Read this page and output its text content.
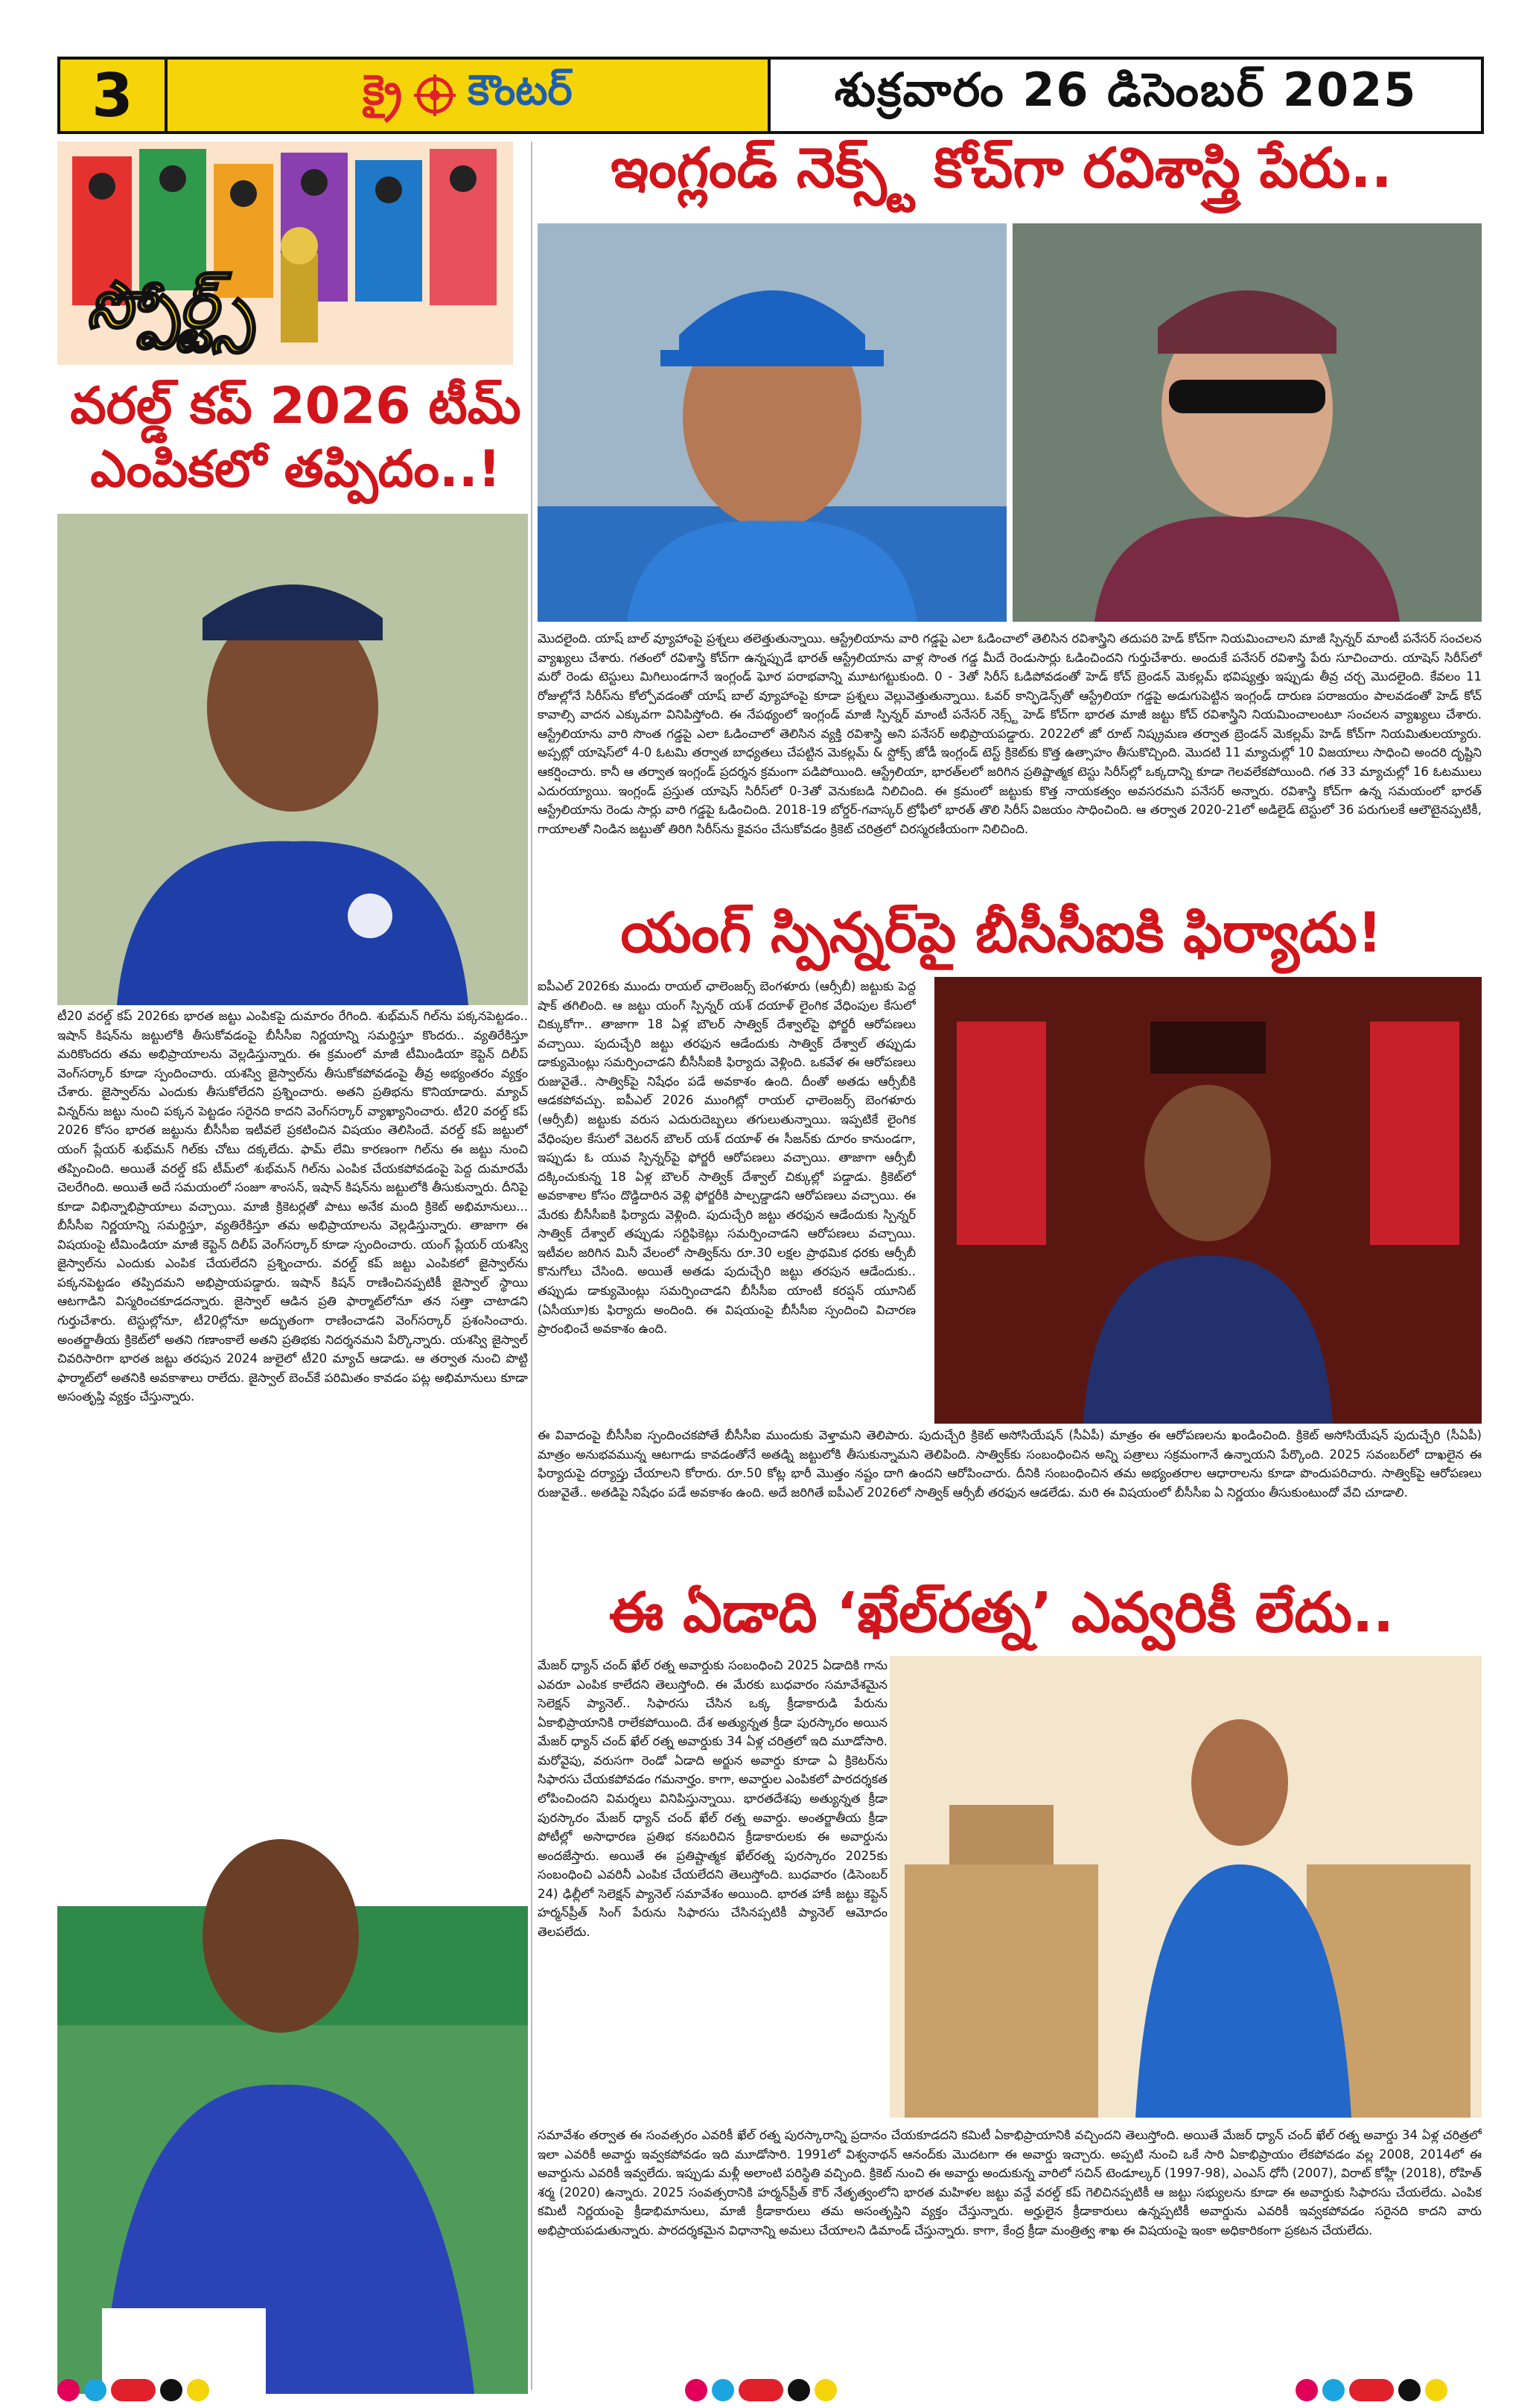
3	క్రై కౌంటర్	శుక్రవారం 26 డిసెంబర్ 2025
స్పోర్ట్స్
ఇంగ్లండ్ నెక్స్ట్ కోచ్‌గా రవిశాస్త్రి పేరు..
మొదలైంది. యాష్ బాల్ వ్యూహాంపై ప్రశ్నలు తలెత్తుతున్నాయి. ఆస్ట్రేలియాను వారి గడ్డపై ఎలా ఓడించాలో తెలిసిన రవిశాస్త్రిని తదుపరి హెడ్ కోచ్‌గా నియమించాలని మాజీ స్పిన్నర్ మాంటీ పనేసర్ సంచలన వ్యాఖ్యలు చేశారు. గతంలో రవిశాస్త్రి కోచ్‌గా ఉన్నప్పుడే భారత్ ఆస్ట్రేలియాను వాళ్ల సొంత గడ్డ మీదే రెండుసార్లు ఓడించిందని గుర్తుచేశారు. అందుకే పనేసర్ రవిశాస్త్రి పేరు సూచించారు. యాషెస్ సిరీస్‌లో మరో రెండు టెస్టులు మిగిలుండగానే ఇంగ్లండ్ ఘోర పరాభవాన్ని మూటగట్టుకుంది. 0 - 3తో సిరీస్ ఓడిపోవడంతో హెడ్ కోచ్ బ్రెండన్ మెకల్లమ్ భవిష్యత్తు ఇప్పుడు తీవ్ర చర్చ మొదలైంది. కేవలం 11 రోజుల్లోనే సిరీస్‌ను కోల్పోవడంతో యాష్ బాల్ వ్యూహాంపై కూడా ప్రశ్నలు వెల్లువెత్తుతున్నాయి. ఓవర్ కాన్ఫిడెన్స్‌తో ఆస్ట్రేలియా గడ్డపై అడుగుపెట్టిన ఇంగ్లండ్ దారుణ పరాజయం పాలవడంతో హెడ్ కోచ్ కావాల్సి వాదన ఎక్కువగా వినిపిస్తోంది. ఈ నేపథ్యంలో ఇంగ్లండ్ మాజీ స్పిన్నర్ మాంటీ పనేసర్ నెక్స్ట్ హెడ్ కోచ్‌గా భారత మాజీ జట్టు కోచ్ రవిశాస్త్రిని నియమించాలంటూ సంచలన వ్యాఖ్యలు చేశారు. ఆస్ట్రేలియాను వారి సొంత గడ్డపై ఎలా ఓడించాలో తెలిసిన వ్యక్తి రవిశాస్త్రి అని పనేసర్ అభిప్రాయపడ్డారు. 2022లో జో రూట్ నిష్క్రమణ తర్వాత బ్రెండన్ మెకల్లమ్ హెడ్ కోచ్‌గా నియమితులయ్యారు. అప్పట్లో యాషెస్‌లో 4-0 ఓటమి తర్వాత బాధ్యతలు చేపట్టిన మెకల్లమ్ & స్టోక్స్ జోడీ ఇంగ్లండ్ టెస్ట్ క్రికెట్‌కు కొత్త ఉత్సాహం తీసుకొచ్చింది. మొదటి 11 మ్యాచుల్లో 10 విజయాలు సాధించి అందరి దృష్టిని ఆకర్షించారు. కానీ ఆ తర్వాత ఇంగ్లండ్ ప్రదర్శన క్రమంగా పడిపోయింది. ఆస్ట్రేలియా, భారత్‌లలో జరిగిన ప్రతిష్టాత్మక టెస్టు సిరీస్‌ల్లో ఒక్కదాన్ని కూడా గెలవలేకపోయింది. గత 33 మ్యాచుల్లో 16 ఓటములు ఎదురయ్యాయి. ఇంగ్లండ్ ప్రస్తుత యాషెస్ సిరీస్‌లో 0-3తో వెనుకబడి నిలిచింది. ఈ క్రమంలో జట్టుకు కొత్త నాయకత్వం అవసరమని పనేసర్ అన్నారు. రవిశాస్త్రి కోచ్‌గా ఉన్న సమయంలో భారత్ ఆస్ట్రేలియాను రెండు సార్లు వారి గడ్డపై ఓడించింది. 2018-19 బోర్డర్-గవాస్కర్ ట్రోఫీలో భారత్ తొలి సిరీస్ విజయం సాధించింది. ఆ తర్వాత 2020-21లో అడిలైడ్ టెస్టులో 36 పరుగులకే ఆలౌటైనప్పటికీ, గాయాలతో నిండిన జట్టుతో తిరిగి సిరీస్‌ను కైవసం చేసుకోవడం క్రికెట్ చరిత్రలో చిరస్మరణీయంగా నిలిచింది.
వరల్డ్ కప్ 2026 టీమ్
ఎంపికలో తప్పిదం..!
టీ20 వరల్డ్ కప్ 2026కు భారత జట్టు ఎంపికపై దుమారం రేగింది. శుభ్‌మన్ గిల్‌ను పక్కనపెట్టడం.. ఇషాన్ కిషన్‌ను జట్టులోకి తీసుకోవడంపై బీసీసీఐ నిర్ణయాన్ని సమర్థిస్తూ కొందరు.. వ్యతిరేకిస్తూ మరికొందరు తమ అభిప్రాయాలను వెల్లడిస్తున్నారు. ఈ క్రమంలో మాజీ టీమిండియా కెప్టెన్ దిలీప్ వెంగ్‌సర్కార్ కూడా స్పందించారు. యశస్వి జైస్వాల్‌ను తీసుకోకపోవడంపై తీవ్ర అభ్యంతరం వ్యక్తం చేశారు. జైస్వాల్‌ను ఎందుకు తీసుకోలేదని ప్రశ్నించారు. అతని ప్రతిభను కొనియాడారు. మ్యాచ్ విన్నర్‌ను జట్టు నుంచి పక్కన పెట్టడం సరైనది కాదని వెంగ్‌సర్కార్ వ్యాఖ్యానించారు. టీ20 వరల్డ్ కప్ 2026 కోసం భారత జట్టును బీసీసీఐ ఇటీవలే ప్రకటించిన విషయం తెలిసిందే. వరల్డ్ కప్ జట్టులో యంగ్ ప్లేయర్ శుభ్‌మన్ గిల్‌కు చోటు దక్కలేదు. ఫామ్ లేమి కారణంగా గిల్‌ను ఈ జట్టు నుంచి తప్పించింది. అయితే వరల్డ్ కప్ టీమ్‌లో శుభ్‌మన్ గిల్‌ను ఎంపిక చేయకపోవడంపై పెద్ద దుమారమే చెలరేగింది. అయితే అదే సమయంలో సంజూ శాంసన్, ఇషాన్ కిషన్‌ను జట్టులోకి తీసుకున్నారు. దీనిపై కూడా విభిన్నాభిప్రాయాలు వచ్చాయి. మాజీ క్రికెటర్లతో పాటు అనేక మంది క్రికెట్ అభిమానులు... బీసీసీఐ నిర్ణయాన్ని సమర్థిస్తూ, వ్యతిరేకిస్తూ తమ అభిప్రాయాలను వెల్లడిస్తున్నారు. తాజాగా ఈ విషయంపై టీమిండియా మాజీ కెప్టెన్ దిలీప్ వెంగ్‌సర్కార్ కూడా స్పందించారు. యంగ్ ప్లేయర్ యశస్వి జైస్వాల్‌ను ఎందుకు ఎంపిక చేయలేదని ప్రశ్నించారు. వరల్డ్ కప్ జట్టు ఎంపికలో జైస్వాల్‌ను పక్కనపెట్టడం తప్పిదమని అభిప్రాయపడ్డారు. ఇషాన్ కిషన్ రాణించినప్పటికీ జైస్వాల్ స్థాయి ఆటగాడిని విస్మరించకూడదన్నారు. జైస్వాల్ ఆడిన ప్రతి ఫార్మాట్‌లోనూ తన సత్తా చాటాడని గుర్తుచేశారు. టెస్టుల్లోనూ, టీ20ల్లోనూ అద్భుతంగా రాణించాడని వెంగ్‌సర్కార్ ప్రశంసించారు. అంతర్జాతీయ క్రికెట్‌లో అతని గణాంకాలే అతని ప్రతిభకు నిదర్శనమని పేర్కొన్నారు. యశస్వి జైస్వాల్ చివరిసారిగా భారత జట్టు తరపున 2024 జులైలో టీ20 మ్యాచ్ ఆడాడు. ఆ తర్వాత నుంచి పొట్టి ఫార్మాట్‌లో అతనికి అవకాశాలు రాలేదు. జైస్వాల్ బెంచ్‌కే పరిమితం కావడం పట్ల అభిమానులు కూడా అసంతృప్తి వ్యక్తం చేస్తున్నారు.
యంగ్ స్పిన్నర్‌పై బీసీసీఐకి ఫిర్యాదు!
ఐపీఎల్ 2026కు ముందు రాయల్ ఛాలెంజర్స్ బెంగళూరు (ఆర్సీబీ) జట్టుకు పెద్ద షాక్ తగిలింది. ఆ జట్టు యంగ్ స్పిన్నర్ యశ్ దయాళ్ లైంగిక వేధింపుల కేసులో చిక్కుకోగా.. తాజాగా 18 ఏళ్ల బౌలర్ సాత్విక్ దేశ్వాల్‌పై ఫోర్జరీ ఆరోపణలు వచ్చాయి. పుదుచ్చేరి జట్టు తరఫున ఆడేందుకు సాత్విక్ దేశ్వాల్ తప్పుడు డాక్యుమెంట్లు సమర్పించాడని బీసీసీఐకి ఫిర్యాదు వెళ్లింది. ఒకవేళ ఈ ఆరోపణలు రుజువైతే.. సాత్విక్‌పై నిషేధం పడే అవకాశం ఉంది. దీంతో అతడు ఆర్సీబీకి ఆడకపోవచ్చు. ఐపీఎల్ 2026 ముంగిట్లో రాయల్ ఛాలెంజర్స్ బెంగళూరు (ఆర్సీబీ) జట్టుకు వరుస ఎదురుదెబ్బలు తగులుతున్నాయి. ఇప్పటికే లైంగిక వేధింపుల కేసులో వెటరన్ బౌలర్ యశ్ దయాళ్ ఈ సీజన్‌కు దూరం కానుండగా, ఇప్పుడు ఓ యువ స్పిన్నర్‌పై ఫోర్జరీ ఆరోపణలు వచ్చాయి. తాజాగా ఆర్సీబీ దక్కించుకున్న 18 ఏళ్ల బౌలర్ సాత్విక్ దేశ్వాల్ చిక్కుల్లో పడ్డాడు. క్రికెట్‌లో అవకాశాల కోసం దొడ్డిదారిన వెళ్లి ఫోర్జరీకి పాల్పడ్డాడని ఆరోపణలు వచ్చాయి. ఈ మేరకు బీసీసీఐకి ఫిర్యాదు వెళ్లింది. పుదుచ్చేరి జట్టు తరఫున ఆడేందుకు స్పిన్నర్ సాత్విక్ దేశ్వాల్ తప్పుడు సర్టిఫికెట్లు సమర్పించాడని ఆరోపణలు వచ్చాయి. ఇటీవల జరిగిన మినీ వేలంలో సాత్విక్‌ను రూ.30 లక్షల ప్రాథమిక ధరకు ఆర్సీబీ కొనుగోలు చేసింది. అయితే అతడు పుదుచ్చేరి జట్టు తరపున ఆడేందుకు.. తప్పుడు డాక్యుమెంట్లు సమర్పించాడని బీసీసీఐ యాంటీ కరప్షన్ యూనిట్ (ఏసీయూ)కు ఫిర్యాదు అందింది. ఈ విషయంపై బీసీసీఐ స్పందించి విచారణ ప్రారంభించే అవకాశం ఉంది.
ఈ వివాదంపై బీసీసీఐ స్పందించకపోతే బీసీసీఐ ముందుకు వెళ్తామని తెలిపారు. పుదుచ్చేరి క్రికెట్ అసోసియేషన్ (సీఏపీ) మాత్రం ఈ ఆరోపణలను ఖండించింది. క్రికెట్ అసోసియేషన్ పుదుచ్చేరి (సీఏపీ) మాత్రం అనుభవమున్న ఆటగాడు కావడంతోనే అతడ్ని జట్టులోకి తీసుకున్నామని తెలిపింది. సాత్విక్‌కు సంబంధించిన అన్ని పత్రాలు సక్రమంగానే ఉన్నాయని పేర్కొంది. 2025 సవంబర్‌లో దాఖలైన ఈ ఫిర్యాదుపై దర్యాప్తు చేయాలని కోరారు. రూ.50 కోట్ల భారీ మొత్తం నష్టం దాగి ఉందని ఆరోపించారు. దీనికి సంబంధించిన తమ అభ్యంతరాల ఆధారాలను కూడా పొందుపరిచారు. సాత్విక్‌పై ఆరోపణలు రుజువైతే.. అతడిపై నిషేధం పడే అవకాశం ఉంది. అదే జరిగితే ఐపీఎల్ 2026లో సాత్విక్ ఆర్సీబీ తరఫున ఆడలేడు. మరి ఈ విషయంలో బీసీసీఐ ఏ నిర్ణయం తీసుకుంటుందో వేచి చూడాలి.
ఈ ఏడాది ‘ఖేల్‌రత్న’ ఎవ్వరికీ లేదు..
మేజర్ ధ్యాన్ చంద్ ఖేల్ రత్న అవార్డుకు సంబంధించి 2025 ఏడాదికి గాను ఎవరూ ఎంపిక కాలేదని తెలుస్తోంది. ఈ మేరకు బుధవారం సమావేశమైన సెలెక్షన్ ప్యానెల్.. సిఫారసు చేసిన ఒక్క క్రీడాకారుడి పేరును ఏకాభిప్రాయానికి రాలేకపోయింది. దేశ అత్యున్నత క్రీడా పురస్కారం అయిన మేజర్ ధ్యాన్ చంద్ ఖేల్ రత్న అవార్డుకు 34 ఏళ్ల చరిత్రలో ఇది మూడోసారి. మరోవైపు, వరుసగా రెండో ఏడాది అర్జున అవార్డు కూడా ఏ క్రికెటర్‌ను సిఫారసు చేయకపోవడం గమనార్హం. కాగా, అవార్డుల ఎంపికలో పారదర్శకత లోపించిందని విమర్శలు వినిపిస్తున్నాయి. భారతదేశపు అత్యున్నత క్రీడా పురస్కారం మేజర్ ధ్యాన్ చంద్ ఖేల్ రత్న అవార్డు. అంతర్జాతీయ క్రీడా పోటీల్లో అసాధారణ ప్రతిభ కనబరిచిన క్రీడాకారులకు ఈ అవార్డును అందజేస్తారు. అయితే ఈ ప్రతిష్టాత్మక ఖేల్‌రత్న పురస్కారం 2025కు సంబంధించి ఎవరినీ ఎంపిక చేయలేదని తెలుస్తోంది. బుధవారం (డిసెంబర్ 24) ఢిల్లీలో సెలెక్షన్ ప్యానెల్ సమావేశం అయింది. భారత హాకీ జట్టు కెప్టెన్ హర్మన్‌ప్రీత్ సింగ్ పేరును సిఫారసు చేసినప్పటికీ ప్యానెల్ ఆమోదం తెలపలేదు.
సమావేశం తర్వాత ఈ సంవత్సరం ఎవరికీ ఖేల్ రత్న పురస్కారాన్ని ప్రదానం చేయకూడదని కమిటీ ఏకాభిప్రాయానికి వచ్చిందని తెలుస్తోంది. అయితే మేజర్ ధ్యాన్ చంద్ ఖేల్ రత్న అవార్డు 34 ఏళ్ల చరిత్రలో ఇలా ఎవరికీ అవార్డు ఇవ్వకపోవడం ఇది మూడోసారి. 1991లో విశ్వనాథన్ ఆనంద్‌కు మొదటగా ఈ అవార్డు ఇచ్చారు. అప్పటి నుంచి ఒకే సారి ఏకాభిప్రాయం లేకపోవడం వల్ల 2008, 2014లో ఈ అవార్డును ఎవరికీ ఇవ్వలేదు. ఇప్పుడు మళ్లీ అలాంటి పరిస్థితి వచ్చింది. క్రికెట్ నుంచి ఈ అవార్డు అందుకున్న వారిలో సచిన్ టెండూల్కర్ (1997-98), ఎంఎస్ ధోనీ (2007), విరాట్ కోహ్లీ (2018), రోహిత్ శర్మ (2020) ఉన్నారు. 2025 సంవత్సరానికి హర్మన్‌ప్రీత్ కౌర్ నేతృత్వంలోని భారత మహిళల జట్టు వన్డే వరల్డ్ కప్ గెలిచినప్పటికీ ఆ జట్టు సభ్యులను కూడా ఈ అవార్డుకు సిఫారసు చేయలేదు. ఎంపిక కమిటీ నిర్ణయంపై క్రీడాభిమానులు, మాజీ క్రీడాకారులు తమ అసంతృప్తిని వ్యక్తం చేస్తున్నారు. అర్హులైన క్రీడాకారులు ఉన్నప్పటికీ అవార్డును ఎవరికీ ఇవ్వకపోవడం సరైనది కాదని వారు అభిప్రాయపడుతున్నారు. పారదర్శకమైన విధానాన్ని అమలు చేయాలని డిమాండ్ చేస్తున్నారు. కాగా, కేంద్ర క్రీడా మంత్రిత్వ శాఖ ఈ విషయంపై ఇంకా అధికారికంగా ప్రకటన చేయలేదు.
